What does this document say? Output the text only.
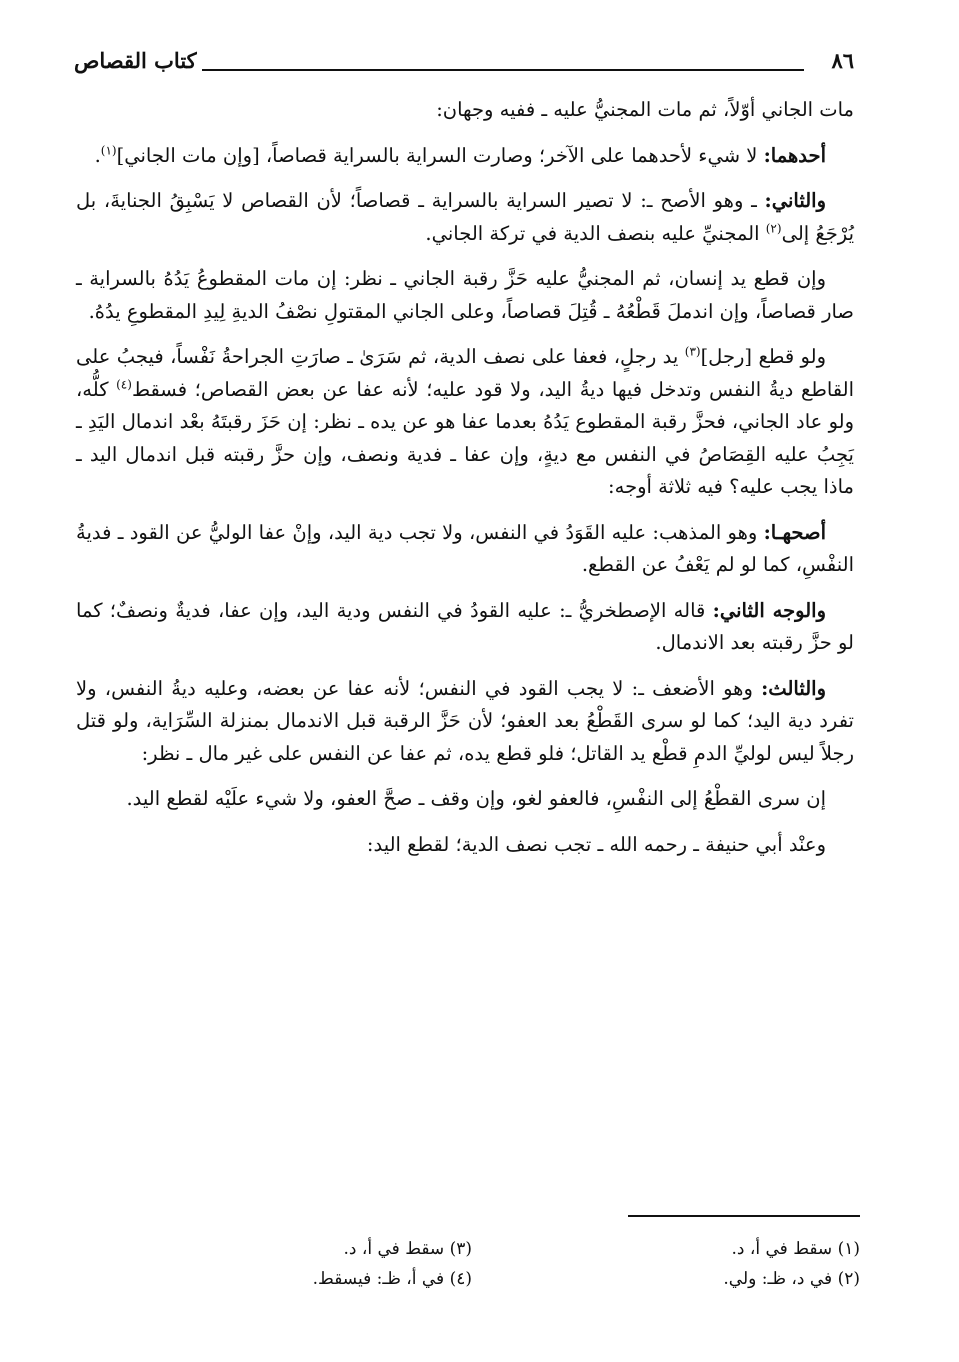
كتاب القصاص	٨٦

مات الجاني أوّلاً، ثم مات المجنيُّ عليه ـ ففيه وجهان:

أحدهما: لا شيء لأحدهما على الآخر؛ وصارت السراية بالسراية قصاصاً، [وإن مات الجاني]$^{(١)}$.

والثاني: ـ وهو الأصح ـ: لا تصير السراية بالسراية ـ قصاصاً؛ لأن القصاص لا يَسْبِقُ الجنايةَ، بل يُرْجَعُ إلى$^{(٢)}$ المجنيِّ عليه بنصف الدية في تركة الجاني.

وإن قطع يد إنسان، ثم المجنيُّ عليه حَزَّ رقبة الجاني ـ نظر: إن مات المقطوعُ يَدُهُ بالسراية ـ صار قصاصاً، وإن اندملَ قَطْعُهُ ـ قُتِلَ قصاصاً، وعلى الجاني المقتولِ نصْفُ الديةِ لِيدِ المقطوعِ يدُهُ.

ولو قطع [رجل]$^{(٣)}$ يد رجلٍ، فعفا على نصف الدية، ثم سَرَىٰ ـ صارَتِ الجراحةُ نَفْساً، فيجبُ على القاطع ديةُ النفس وتدخل فيها ديةُ اليد، ولا قود عليه؛ لأنه عفا عن بعض القصاص؛ فسقط$^{(٤)}$ كلُّه، ولو عاد الجاني، فحزَّ رقبة المقطوع يَدُهُ بعدما عفا هو عن يده ـ نظر: إن حَزَ رقبتَهُ بعْد اندمال اليَدِ ـ يَجِبُ عليه القِصَاصُ في النفس مع ديةٍ، وإن عفا ـ فدية ونصف، وإن حزَّ رقبته قبل اندمال اليد ـ ماذا يجب عليه؟ فيه ثلاثة أوجه:

أصحهـا: وهو المذهب: عليه القَوَدُ في النفس، ولا تجب دية اليد، وإنْ عفا الوليُّ عن القود ـ فديةُ النفْسِ، كما لو لم يَعْفُ عن القطع.

والوجه الثاني: قاله الإصطخريُّ ـ: عليه القودُ في النفس ودية اليد، وإن عفا، فديةٌ ونصفٌ؛ كما لو حزَّ رقبته بعد الاندمال.

والثالث: وهو الأضعف ـ: لا يجب القود في النفس؛ لأنه عفا عن بعضه، وعليه ديةُ النفس، ولا تفرد دية اليد؛ كما لو سرى القَطْعُ بعد العفو؛ لأن حَزَّ الرقبة قبل الاندمال بمنزلة السِّرَاية، ولو قتل رجلاً ليس لوليِّ الدمِ قطْع يد القاتل؛ فلو قطع يده، ثم عفا عن النفس على غير مال ـ نظر:

إن سرى القطْعُ إلى النفْسِ، فالعفو لغو، وإن وقف ـ صحَّ العفو، ولا شيء علَيْه لقطع اليد.

وعنْد أبي حنيفة ـ رحمه الله ـ تجب نصف الدية؛ لقطع اليد:

(١) سقط في أ، د.
(٢) في د، ظـ: ولي.
(٣) سقط في أ، د.
(٤) في أ، ظـ: فيسقط.
